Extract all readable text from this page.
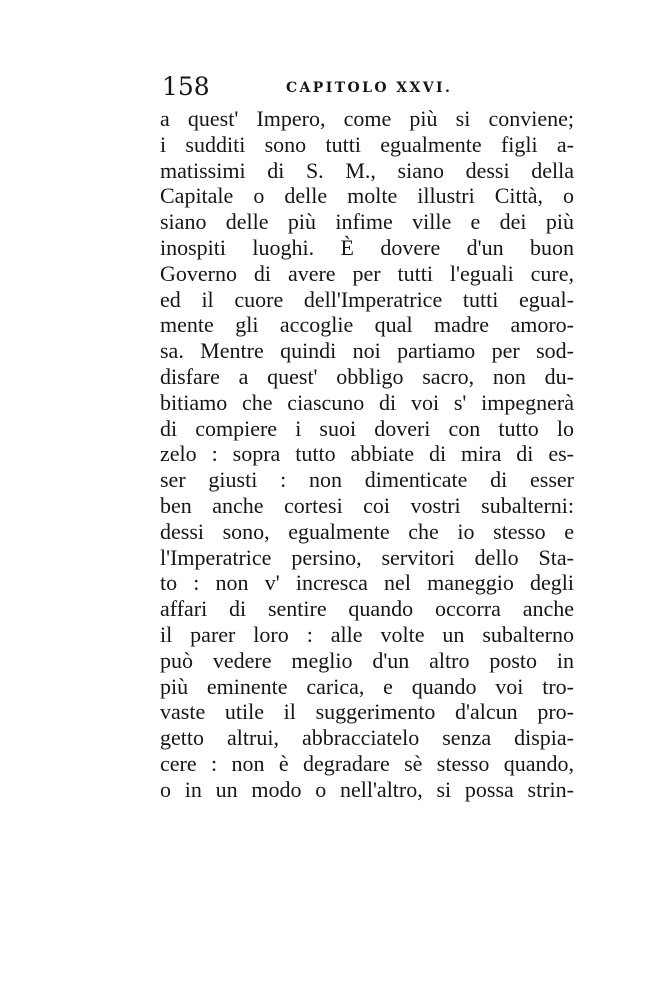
158	CAPITOLO XXVI.
a quest' Impero, come più si conviene;
i sudditi sono tutti egualmente figli a-
matissimi di S. M., siano dessi della
Capitale o delle molte illustri Città, o
siano delle più infime ville e dei più
inospiti luoghi. È dovere d'un buon
Governo di avere per tutti l'eguali cure,
ed il cuore dell'Imperatrice tutti egual-
mente gli accoglie qual madre amoro-
sa. Mentre quindi noi partiamo per sod-
disfare a quest' obbligo sacro, non du-
bitiamo che ciascuno di voi s' impegnerà
di compiere i suoi doveri con tutto lo
zelo : sopra tutto abbiate di mira di es-
ser giusti : non dimenticate di esser
ben anche cortesi coi vostri subalterni:
dessi sono, egualmente che io stesso e
l'Imperatrice persino, servitori dello Sta-
to : non v' incresca nel maneggio degli
affari di sentire quando occorra anche
il parer loro : alle volte un subalterno
può vedere meglio d'un altro posto in
più eminente carica, e quando voi tro-
vaste utile il suggerimento d'alcun pro-
getto altrui, abbracciatelo senza dispia-
cere : non è degradare sè stesso quando,
o in un modo o nell'altro, si possa strin-
